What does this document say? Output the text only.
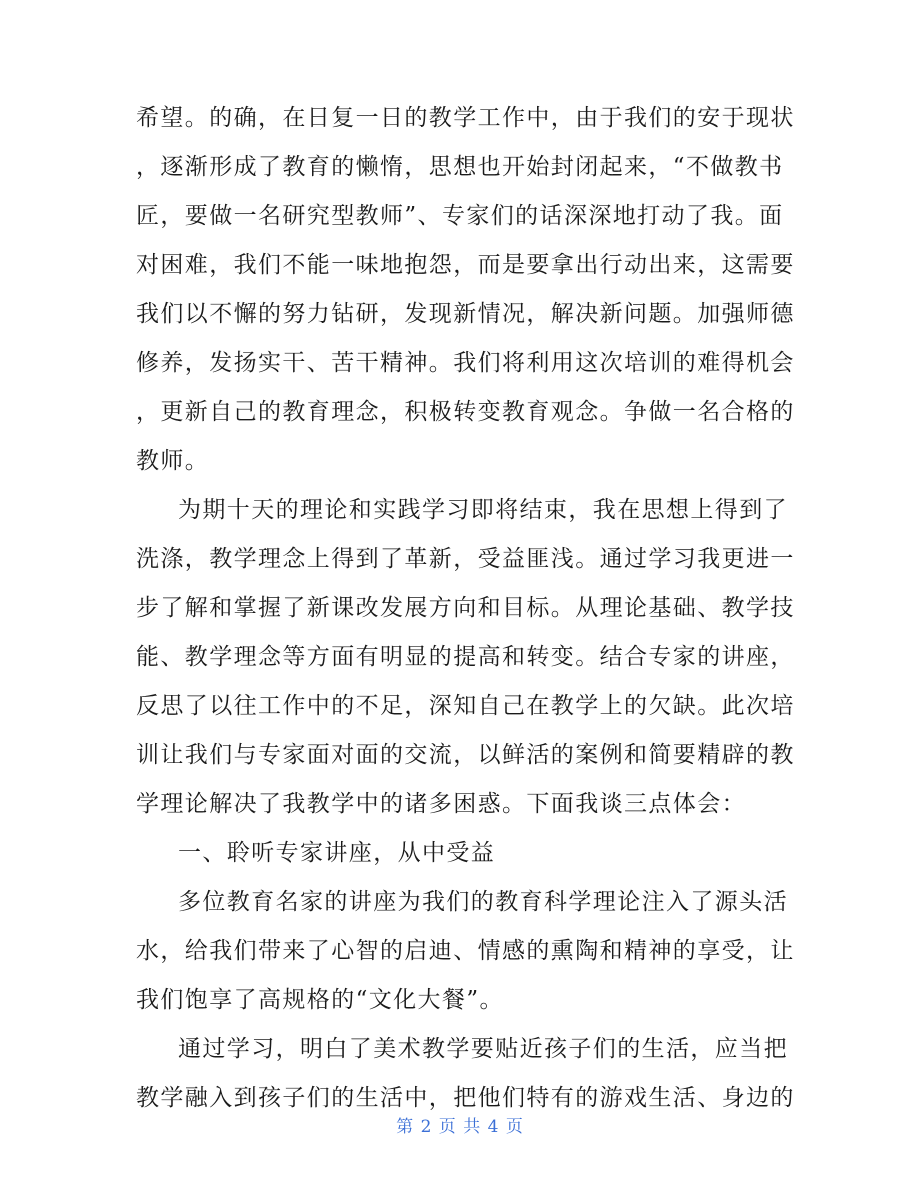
希望。的确，在日复一日的教学工作中，由于我们的安于现状
，逐渐形成了教育的懒惰，思想也开始封闭起来，“不做教书
匠，要做一名研究型教师”、专家们的话深深地打动了我。面
对困难，我们不能一味地抱怨，而是要拿出行动出来，这需要
我们以不懈的努力钻研，发现新情况，解决新问题。加强师德
修养，发扬实干、苦干精神。我们将利用这次培训的难得机会
，更新自己的教育理念，积极转变教育观念。争做一名合格的
教师。
为期十天的理论和实践学习即将结束，我在思想上得到了
洗涤，教学理念上得到了革新，受益匪浅。通过学习我更进一
步了解和掌握了新课改发展方向和目标。从理论基础、教学技
能、教学理念等方面有明显的提高和转变。结合专家的讲座，
反思了以往工作中的不足，深知自己在教学上的欠缺。此次培
训让我们与专家面对面的交流，以鲜活的案例和简要精辟的教
学理论解决了我教学中的诸多困惑。下面我谈三点体会：
一、聆听专家讲座，从中受益
多位教育名家的讲座为我们的教育科学理论注入了源头活
水，给我们带来了心智的启迪、情感的熏陶和精神的享受，让
我们饱享了高规格的“文化大餐”。
通过学习，明白了美术教学要贴近孩子们的生活，应当把
教学融入到孩子们的生活中，把他们特有的游戏生活、身边的
第 2 页 共 4 页
